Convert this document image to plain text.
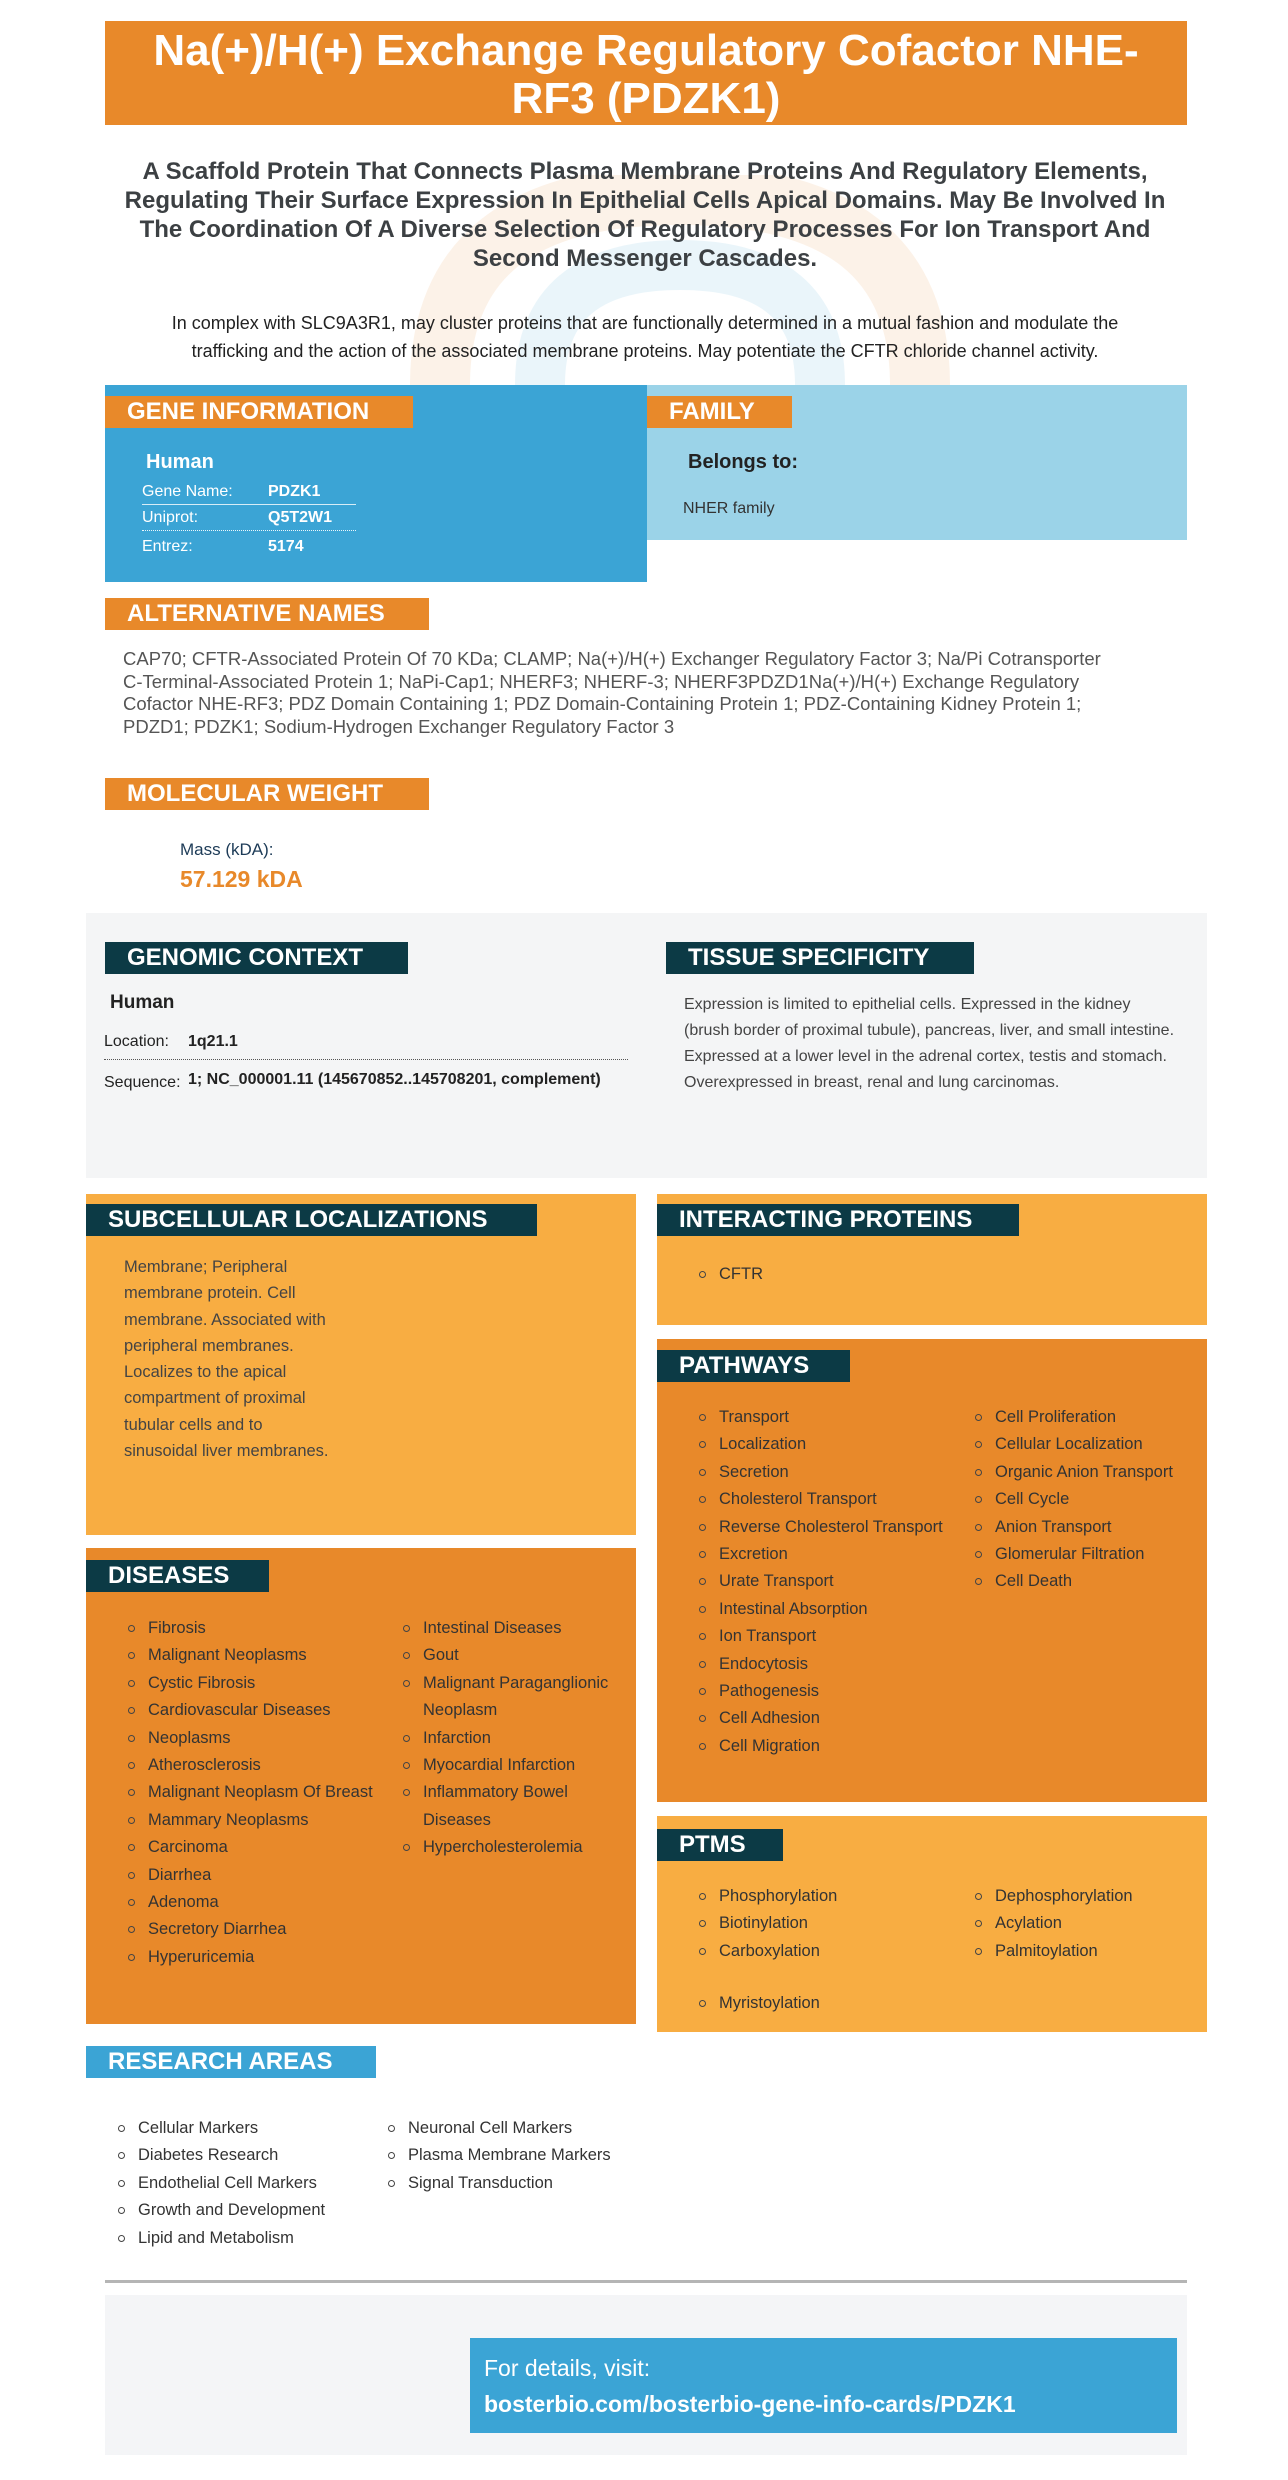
Na(+)/H(+) Exchange Regulatory Cofactor NHE-RF3 (PDZK1)
A Scaffold Protein That Connects Plasma Membrane Proteins And Regulatory Elements, Regulating Their Surface Expression In Epithelial Cells Apical Domains. May Be Involved In The Coordination Of A Diverse Selection Of Regulatory Processes For Ion Transport And Second Messenger Cascades.
In complex with SLC9A3R1, may cluster proteins that are functionally determined in a mutual fashion and modulate the trafficking and the action of the associated membrane proteins. May potentiate the CFTR chloride channel activity.
GENE INFORMATION	FAMILY
Human
Gene Name: PDZK1
Uniprot:	Q5T2W1
Entrez:	5174
Belongs to:
NHER family
ALTERNATIVE NAMES
CAP70; CFTR-Associated Protein Of 70 KDa; CLAMP; Na(+)/H(+) Exchanger Regulatory Factor 3; Na/Pi Cotransporter C-Terminal-Associated Protein 1; NaPi-Cap1; NHERF3; NHERF-3; NHERF3PDZD1Na(+)/H(+) Exchange Regulatory Cofactor NHE-RF3; PDZ Domain Containing 1; PDZ Domain-Containing Protein 1; PDZ-Containing Kidney Protein 1; PDZD1; PDZK1; Sodium-Hydrogen Exchanger Regulatory Factor 3
MOLECULAR WEIGHT
Mass (kDA):
57.129 kDA
GENOMIC CONTEXT	TISSUE SPECIFICITY
Human
Location: 1q21.1
Sequence: 1; NC_000001.11 (145670852..145708201, complement)
Expression is limited to epithelial cells. Expressed in the kidney (brush border of proximal tubule), pancreas, liver, and small intestine. Expressed at a lower level in the adrenal cortex, testis and stomach. Overexpressed in breast, renal and lung carcinomas.
SUBCELLULAR LOCALIZATIONS	INTERACTING PROTEINS
PATHWAYS
DISEASES
PTMS
RESEARCH AREAS
Membrane; Peripheral membrane protein. Cell membrane. Associated with peripheral membranes. Localizes to the apical compartment of proximal tubular cells and to sinusoidal liver membranes.
CFTR
Transport
Localization
Secretion
Cholesterol Transport
Reverse Cholesterol Transport
Excretion
Urate Transport
Intestinal Absorption
Ion Transport
Endocytosis
Pathogenesis
Cell Adhesion
Cell Migration
Cell Proliferation
Cellular Localization
Organic Anion Transport
Cell Cycle
Anion Transport
Glomerular Filtration
Cell Death
Fibrosis
Malignant Neoplasms
Cystic Fibrosis
Cardiovascular Diseases
Neoplasms
Atherosclerosis
Malignant Neoplasm Of Breast
Mammary Neoplasms
Carcinoma
Diarrhea
Adenoma
Secretory Diarrhea
Hyperuricemia
Intestinal Diseases
Gout
Malignant Paraganglionic Neoplasm
Infarction
Myocardial Infarction
Inflammatory Bowel Diseases
Hypercholesterolemia
Phosphorylation
Biotinylation
Carboxylation
Dephosphorylation
Acylation
Palmitoylation
Myristoylation
Cellular Markers
Diabetes Research
Endothelial Cell Markers
Growth and Development
Lipid and Metabolism
Neuronal Cell Markers
Plasma Membrane Markers
Signal Transduction
For details, visit:
bosterbio.com/bosterbio-gene-info-cards/PDZK1
